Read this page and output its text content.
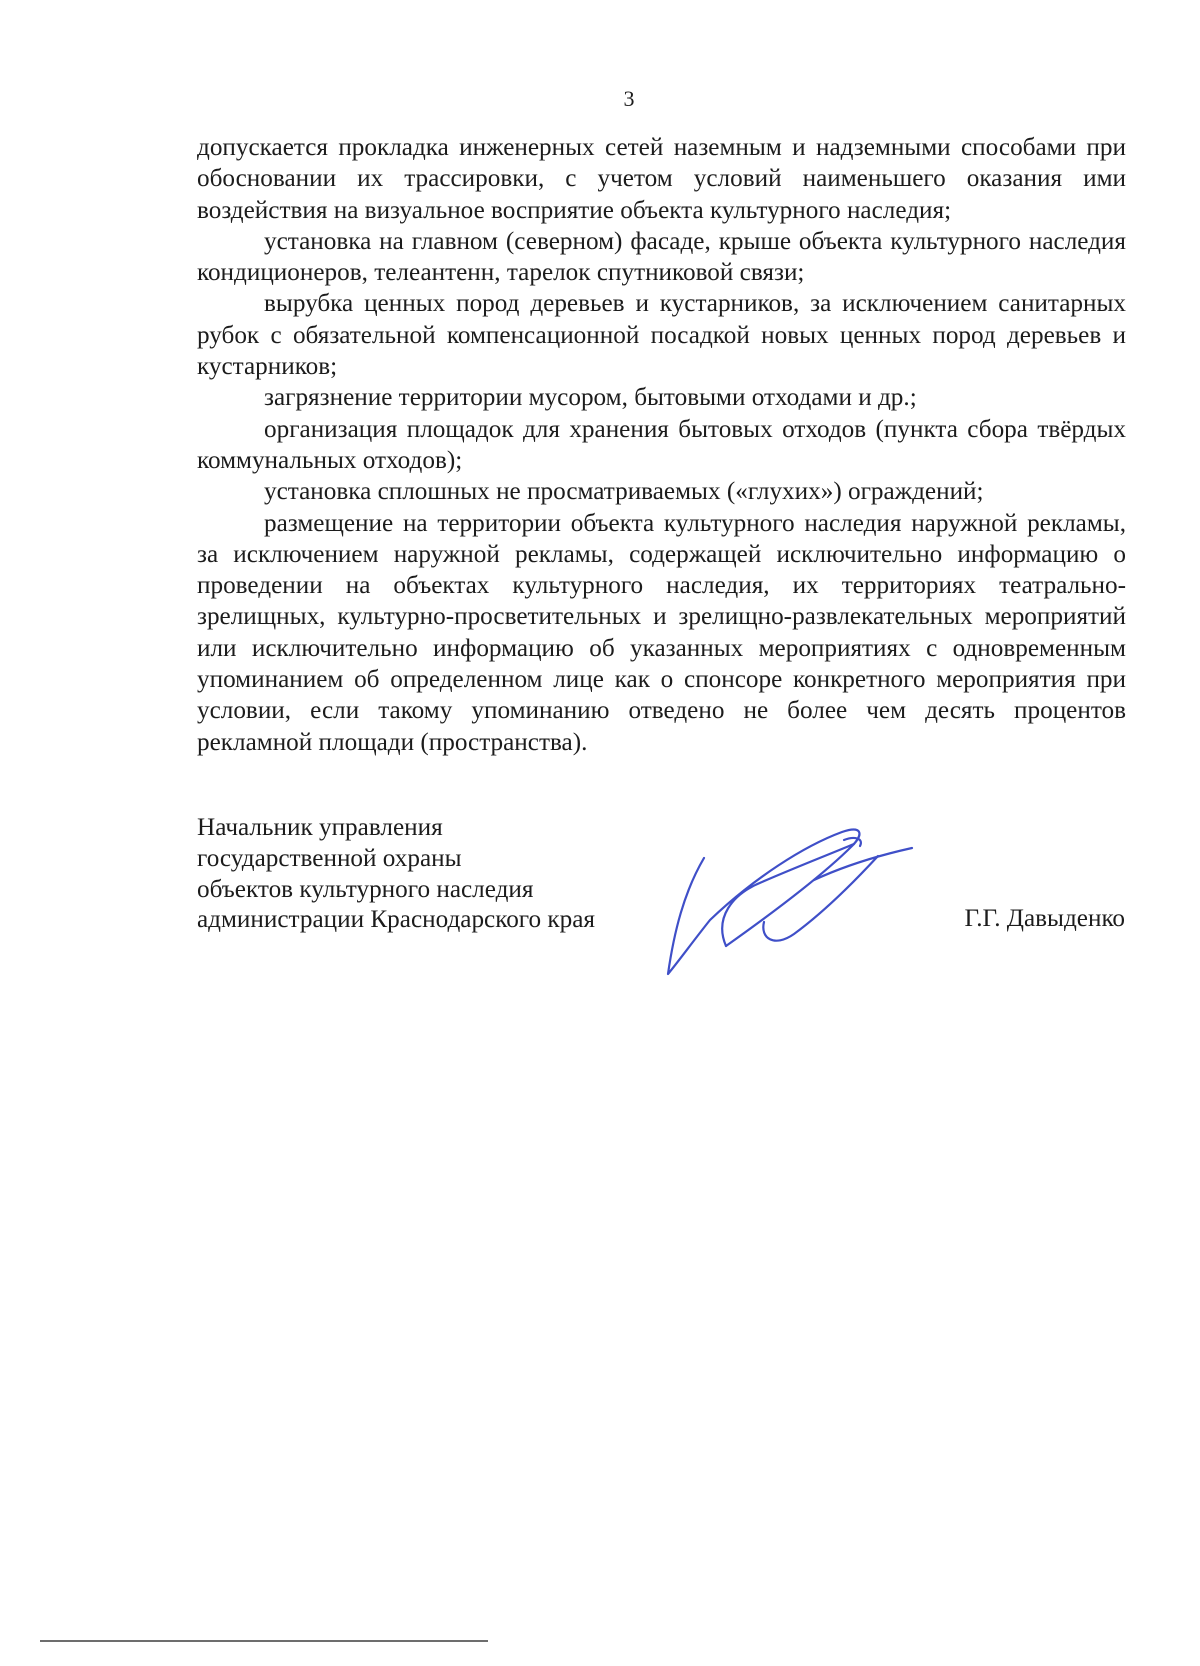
3

допускается прокладка инженерных сетей наземным и надземными способами при обосновании их трассировки, с учетом условий наименьшего оказания ими воздействия на визуальное восприятие объекта культурного наследия;

установка на главном (северном) фасаде, крыше объекта культурного наследия кондиционеров, телеантенн, тарелок спутниковой связи;

вырубка ценных пород деревьев и кустарников, за исключением санитарных рубок с обязательной компенсационной посадкой новых ценных пород деревьев и кустарников;

загрязнение территории мусором, бытовыми отходами и др.;

организация площадок для хранения бытовых отходов (пункта сбора твёрдых коммунальных отходов);

установка сплошных не просматриваемых («глухих») ограждений;

размещение на территории объекта культурного наследия наружной рекламы, за исключением наружной рекламы, содержащей исключительно информацию о проведении на объектах культурного наследия, их территориях театрально-зрелищных, культурно-просветительных и зрелищно-развлекательных мероприятий или исключительно информацию об указанных мероприятиях с одновременным упоминанием об определенном лице как о спонсоре конкретного мероприятия при условии, если такому упоминанию отведено не более чем десять процентов рекламной площади (пространства).

Начальник управления
государственной охраны
объектов культурного наследия
администрации Краснодарского края	Г.Г. Давыденко
